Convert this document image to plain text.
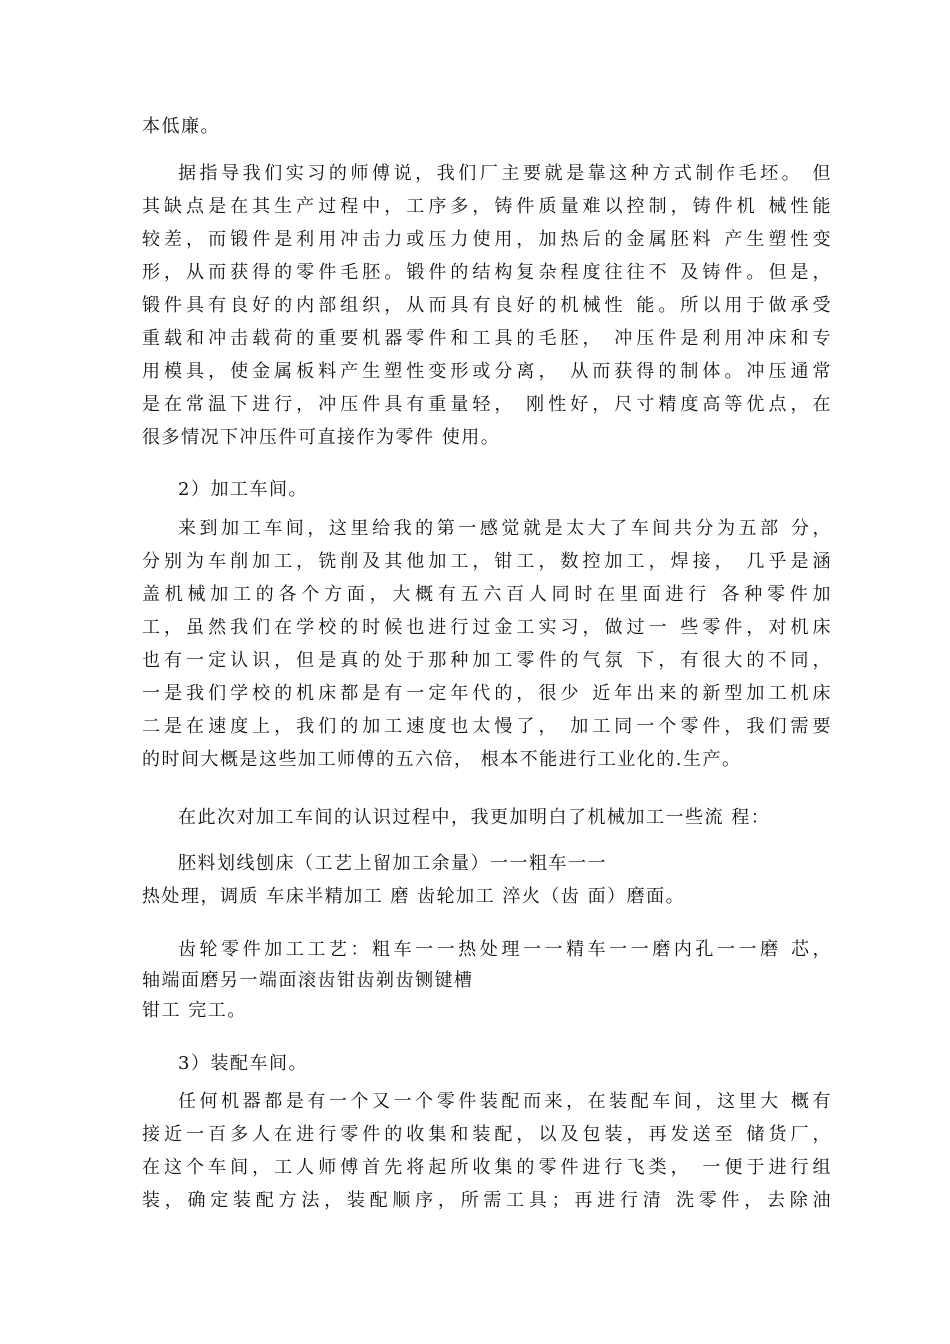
本低廉。
据指导我们实习的师傅说，我们厂主要就是靠这种方式制作毛坯。 但
其缺点是在其生产过程中，工序多，铸件质量难以控制，铸件机 械性能
较差，而锻件是利用冲击力或压力使用，加热后的金属胚料 产生塑性变
形，从而获得的零件毛胚。锻件的结构复杂程度往往不 及铸件。但是，
锻件具有良好的内部组织，从而具有良好的机械性 能。所以用于做承受
重载和冲击载荷的重要机器零件和工具的毛胚， 冲压件是利用冲床和专
用模具，使金属板料产生塑性变形或分离， 从而获得的制体。冲压通常
是在常温下进行，冲压件具有重量轻， 刚性好，尺寸精度高等优点，在
很多情况下冲压件可直接作为零件 使用。
2）加工车间。
来到加工车间，这里给我的第一感觉就是太大了车间共分为五部 分，
分别为车削加工，铣削及其他加工，钳工，数控加工，焊接， 几乎是涵
盖机械加工的各个方面，大概有五六百人同时在里面进行 各种零件加
工，虽然我们在学校的时候也进行过金工实习，做过一 些零件，对机床
也有一定认识，但是真的处于那种加工零件的气氛 下，有很大的不同，
一是我们学校的机床都是有一定年代的，很少 近年出来的新型加工机床
二是在速度上，我们的加工速度也太慢了， 加工同一个零件，我们需要
的时间大概是这些加工师傅的五六倍， 根本不能进行工业化的.生产。
在此次对加工车间的认识过程中，我更加明白了机械加工一些流 程：
胚料划线刨床（工艺上留加工余量）一一粗车一一
热处理，调质 车床半精加工 磨 齿轮加工 淬火（齿 面）磨面。
齿轮零件加工工艺：粗车一一热处理一一精车一一磨内孔一一磨 芯，
轴端面磨另一端面滚齿钳齿剃齿铡键槽
钳工 完工。
3）装配车间。
任何机器都是有一个又一个零件装配而来，在装配车间，这里大 概有
接近一百多人在进行零件的收集和装配，以及包装，再发送至 储货厂，
在这个车间，工人师傅首先将起所收集的零件进行飞类， 一便于进行组
装，确定装配方法，装配顺序，所需工具；再进行清 洗零件，去除油
